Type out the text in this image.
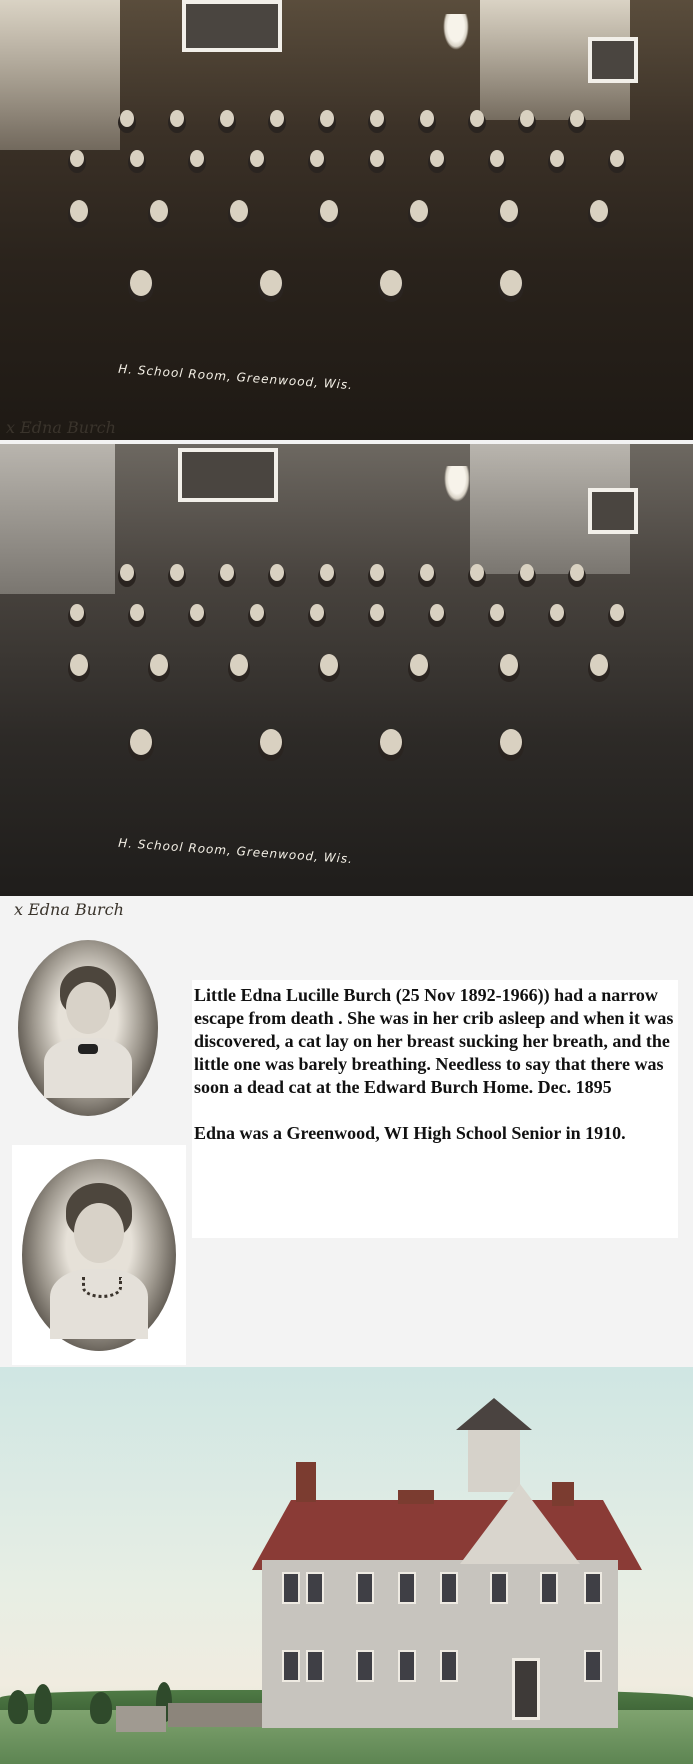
H. School Room, Greenwood, Wis.
x Edna Burch
H. School Room, Greenwood, Wis.
x Edna Burch

Little Edna Lucille Burch (25 Nov 1892-1966)) had a narrow escape from death . She was in her crib asleep and when it was discovered, a cat lay on her breast sucking her breath, and the little one was barely breathing. Needless to say that there was soon a dead cat at the Edward Burch Home. Dec. 1895

Edna was a Greenwood, WI High School Senior in 1910.
